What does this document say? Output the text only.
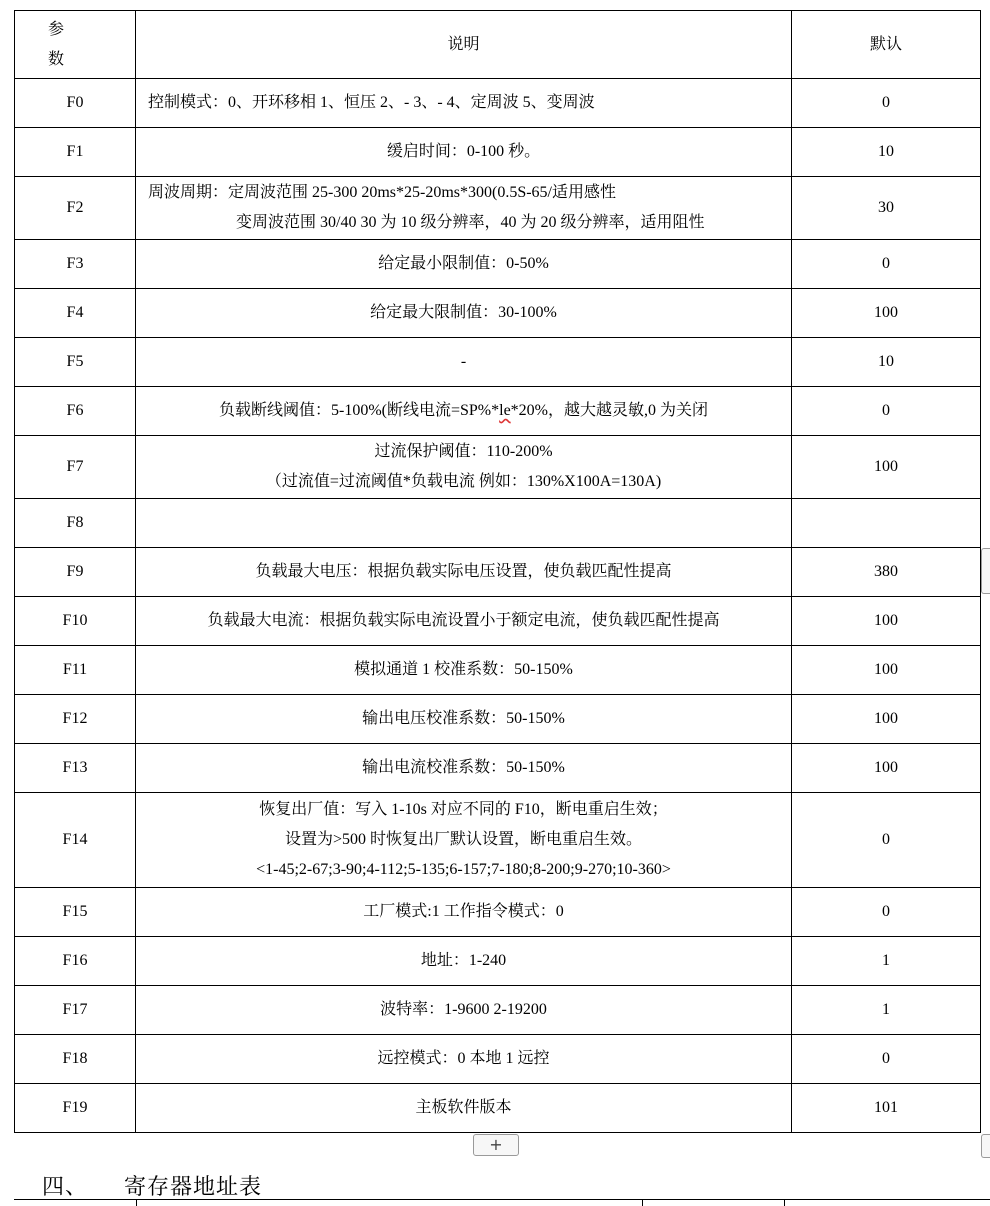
参
数	说明	默认
F0	控制模式：0、开环移相 1、恒压 2、- 3、- 4、定周波 5、变周波	0
F1	缓启时间：0-100 秒。	10
F2	周波周期：定周波范围 25-300 20ms*25-20ms*300(0.5S-65/适用感性
变周波范围 30/40 30 为 10 级分辨率，40 为 20 级分辨率，适用阻性	30
F3	给定最小限制值：0-50%	0
F4	给定最大限制值：30-100%	100
F5	-	10
F6	负载断线阈值：5-100%(断线电流=SP%*le*20%，越大越灵敏,0 为关闭	0
F7	过流保护阈值：110-200%
（过流值=过流阈值*负载电流 例如：130%X100A=130A)	100
F8	

F9	负载最大电压：根据负载实际电压设置，使负载匹配性提高	380
F10	负载最大电流：根据负载实际电流设置小于额定电流，使负载匹配性提高	100
F11	模拟通道 1 校准系数：50-150%	100
F12	输出电压校准系数：50-150%	100
F13	输出电流校准系数：50-150%	100
F14	恢复出厂值：写入 1-10s 对应不同的 F10，断电重启生效；
设置为>500 时恢复出厂默认设置，断电重启生效。
<1-45;2-67;3-90;4-112;5-135;6-157;7-180;8-200;9-270;10-360>	0
F15	工厂模式:1 工作指令模式：0	0
F16	地址：1-240	1
F17	波特率：1-9600 2-19200	1
F18	远控模式：0 本地 1 远控	0
F19	主板软件版本	101
+
四、 寄存器地址表
